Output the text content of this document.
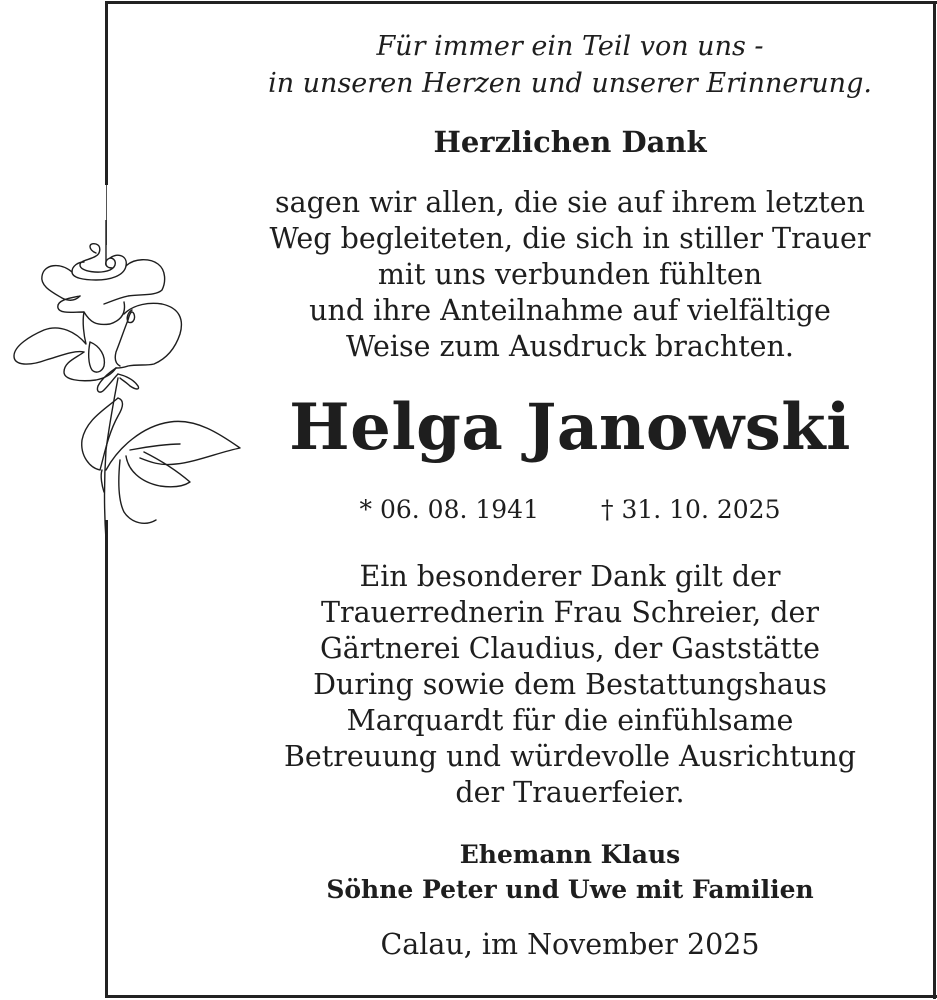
Für immer ein Teil von uns -
in unseren Herzen und unserer Erinnerung.
Herzlichen Dank
sagen wir allen, die sie auf ihrem letzten
Weg begleiteten, die sich in stiller Trauer
mit uns verbunden fühlten
und ihre Anteilnahme auf vielfältige
Weise zum Ausdruck brachten.
Helga Janowski
* 06. 08. 1941 † 31. 10. 2025
Ein besonderer Dank gilt der
Trauerrednerin Frau Schreier, der
Gärtnerei Claudius, der Gaststätte
During sowie dem Bestattungshaus
Marquardt für die einfühlsame
Betreuung und würdevolle Ausrichtung
der Trauerfeier.
Ehemann Klaus
Söhne Peter und Uwe mit Familien
Calau, im November 2025
